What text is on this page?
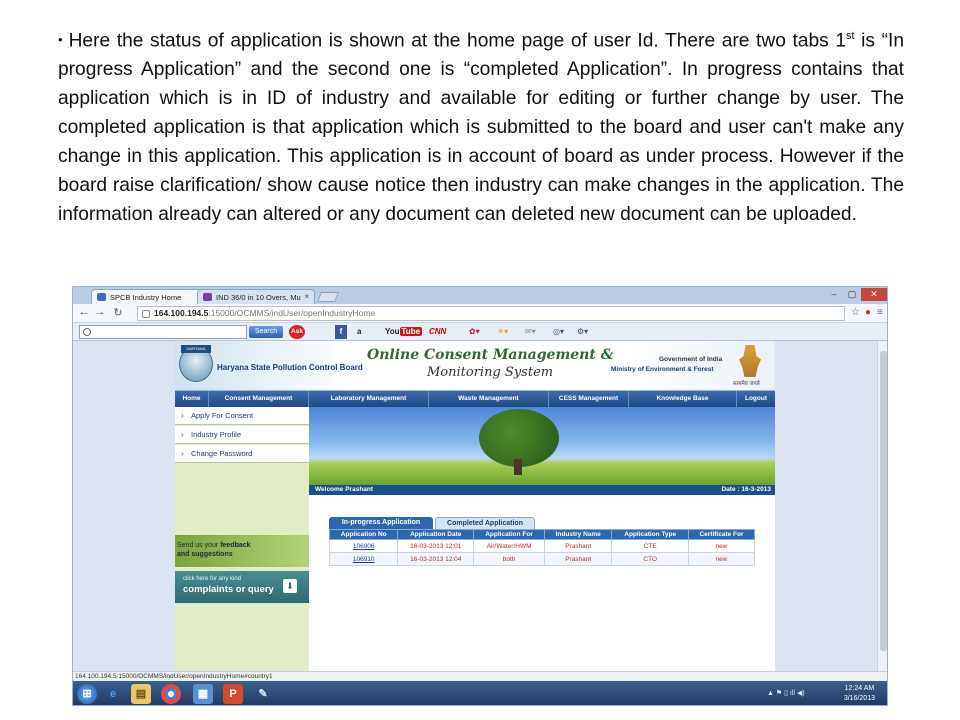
• Here the status of application is shown at the home page of user Id. There are two tabs 1st is “In progress Application” and the second one is “completed Application”. In progress contains that application which is in ID of industry and available for editing or further change by user. The completed application is that application which is submitted to the board and user can't make any change in this application. This application is in account of board as under process. However if the board raise clarification/ show cause notice then industry can make changes in the application. The information already can altered or any document can deleted new document can be uploaded.
SPCB Industry Home	IND 36/0 in 10 Overs, Mu ×	–	▢	✕
← → ↻	164.100.194.5:15000/OCMMS/indUser/openIndustryHome	☆ ● ≡
Search	Ask	f	a	You Tube CNN	✿▾ ☀▾ ✉▾ ◎▾ ⚙▾
HARYANA
Haryana State Pollution Control Board
Online Consent Management &
Monitoring System
Government of India
Ministry of Environment & Forest
सत्यमेव जयते
Home	Consent Management	Laboratory Management	Waste Management	CESS Management	Knowledge Base	Logout
› Apply For Consent
› Industry Profile
› Change Password
Send us your feedback
and suggestions
click here for any kind
complaints or query	⬇
Welcome Prashant	Date : 16-3-2013
In-progress Application	Completed Application
Application No	Application Date	Application For	Industry Name	Application Type	Certificate For
106906	16-03-2013 12:01	Air/Water/HWM	Prashant	CTE	new
106910	16-03-2013 12:04	both	Prashant	CTO	new
164.100.194.5:15000/OCMMS/indUser/openIndustryHome#country1
⊞	e	▤	▦	P	✎	▲ ⚑ ▯ ıll ◀)
12:24 AM
3/16/2013
